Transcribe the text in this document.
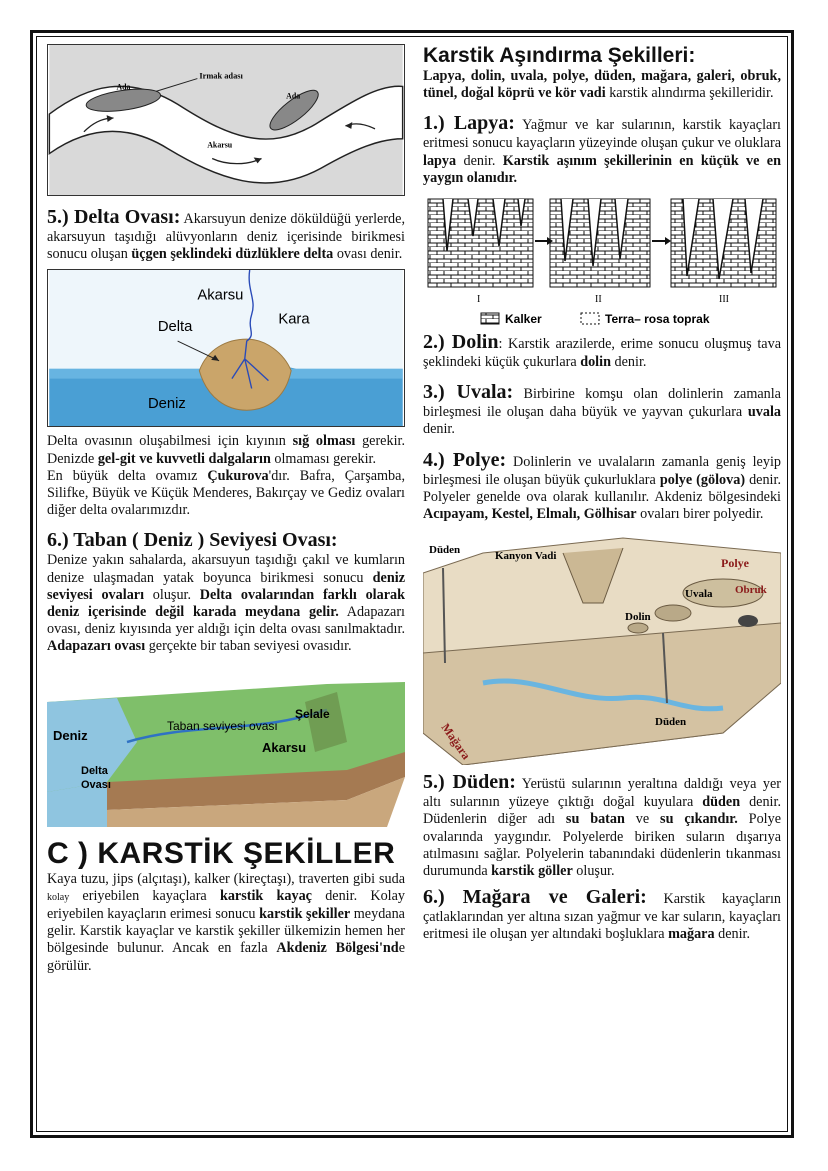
Ada
Ada
Irmak adası
Akarsu

5.) Delta Ovası: Akarsuyun denize döküldüğü yerlerde, akarsuyun taşıdığı alüvyonların deniz içerisinde birikmesi sonucu oluşan üçgen şeklindeki düzlüklere delta ovası denir.

Akarsu
Kara
Delta
Deniz

Delta ovasının oluşabilmesi için kıyının sığ olması gerekir. Denizde gel-git ve kuvvetli dalgaların olmaması gerekir.

En büyük delta ovamız Çukurova'dır. Bafra, Çarşamba, Silifke, Büyük ve Küçük Menderes, Bakırçay ve Gediz ovaları diğer delta ovalarımızdır.

6.) Taban ( Deniz ) Seviyesi Ovası:

Denize yakın sahalarda, akarsuyun taşıdığı çakıl ve kumların denize ulaşmadan yatak boyunca birikmesi sonucu deniz seviyesi ovaları oluşur. Delta ovalarından farklı olarak deniz içerisinde değil karada meydana gelir. Adapazarı ovası, deniz kıyısında yer aldığı için delta ovası sanılmaktadır. Adapazarı ovası gerçekte bir taban seviyesi ovasıdır.

Deniz
Taban seviyesi ovası
Şelale
Akarsu
Delta
Ovası

C ) KARSTİK ŞEKİLLER

Kaya tuzu, jips (alçıtaşı), kalker (kireçtaşı), traverten gibi suda kolay eriyebilen kayaçlara karstik kayaç denir. Kolay eriyebilen kayaçların erimesi sonucu karstik şekiller meydana gelir. Karstik kayaçlar ve karstik şekiller ülkemizin hemen her bölgesinde bulunur. Ancak en fazla Akdeniz Bölgesi'nde görülür.

Karstik Aşındırma Şekilleri:

Lapya, dolin, uvala, polye, düden, mağara, galeri, obruk, tünel, doğal köprü ve kör vadi karstik alındırma şekilleridir.

1.) Lapya: Yağmur ve kar sularının, karstik kayaçları eritmesi sonucu kayaçların yüzeyinde oluşan çukur ve oluklara lapya denir. Karstik aşınım şekillerinin en küçük ve en yaygın olanıdır.

I	II	III
Kalker	Terra– rosa toprak

2.) Dolin: Karstik arazilerde, erime sonucu oluşmuş tava şeklindeki küçük çukurlara dolin denir.

3.) Uvala: Birbirine komşu olan dolinlerin zamanla birleşmesi ile oluşan daha büyük ve yayvan çukurlara uvala denir.

4.) Polye: Dolinlerin ve uvalaların zamanla geniş leyip birleşmesi ile oluşan büyük çukurluklara polye (gölova) denir. Polyeler genelde ova olarak kullanılır. Akdeniz bölgesindeki Acıpayam, Kestel, Elmalı, Gölhisar ovaları birer polyedir.

Düden	Kanyon Vadi	Polye
Uvala Obruk
Dolin
Düden
Mağara

5.) Düden: Yerüstü sularının yeraltına daldığı veya yer altı sularının yüzeye çıktığı doğal kuyulara düden denir. Düdenlerin diğer adı su batan ve su çıkandır. Polye ovalarında yaygındır. Polyelerde biriken suların dışarıya atılmasını sağlar. Polyelerin tabanındaki düdenlerin tıkanması durumunda karstik göller oluşur.

6.) Mağara ve Galeri: Karstik kayaçların çatlaklarından yer altına sızan yağmur ve kar suların, kayaçları eritmesi ile oluşan yer altındaki boşluklara mağara denir.
